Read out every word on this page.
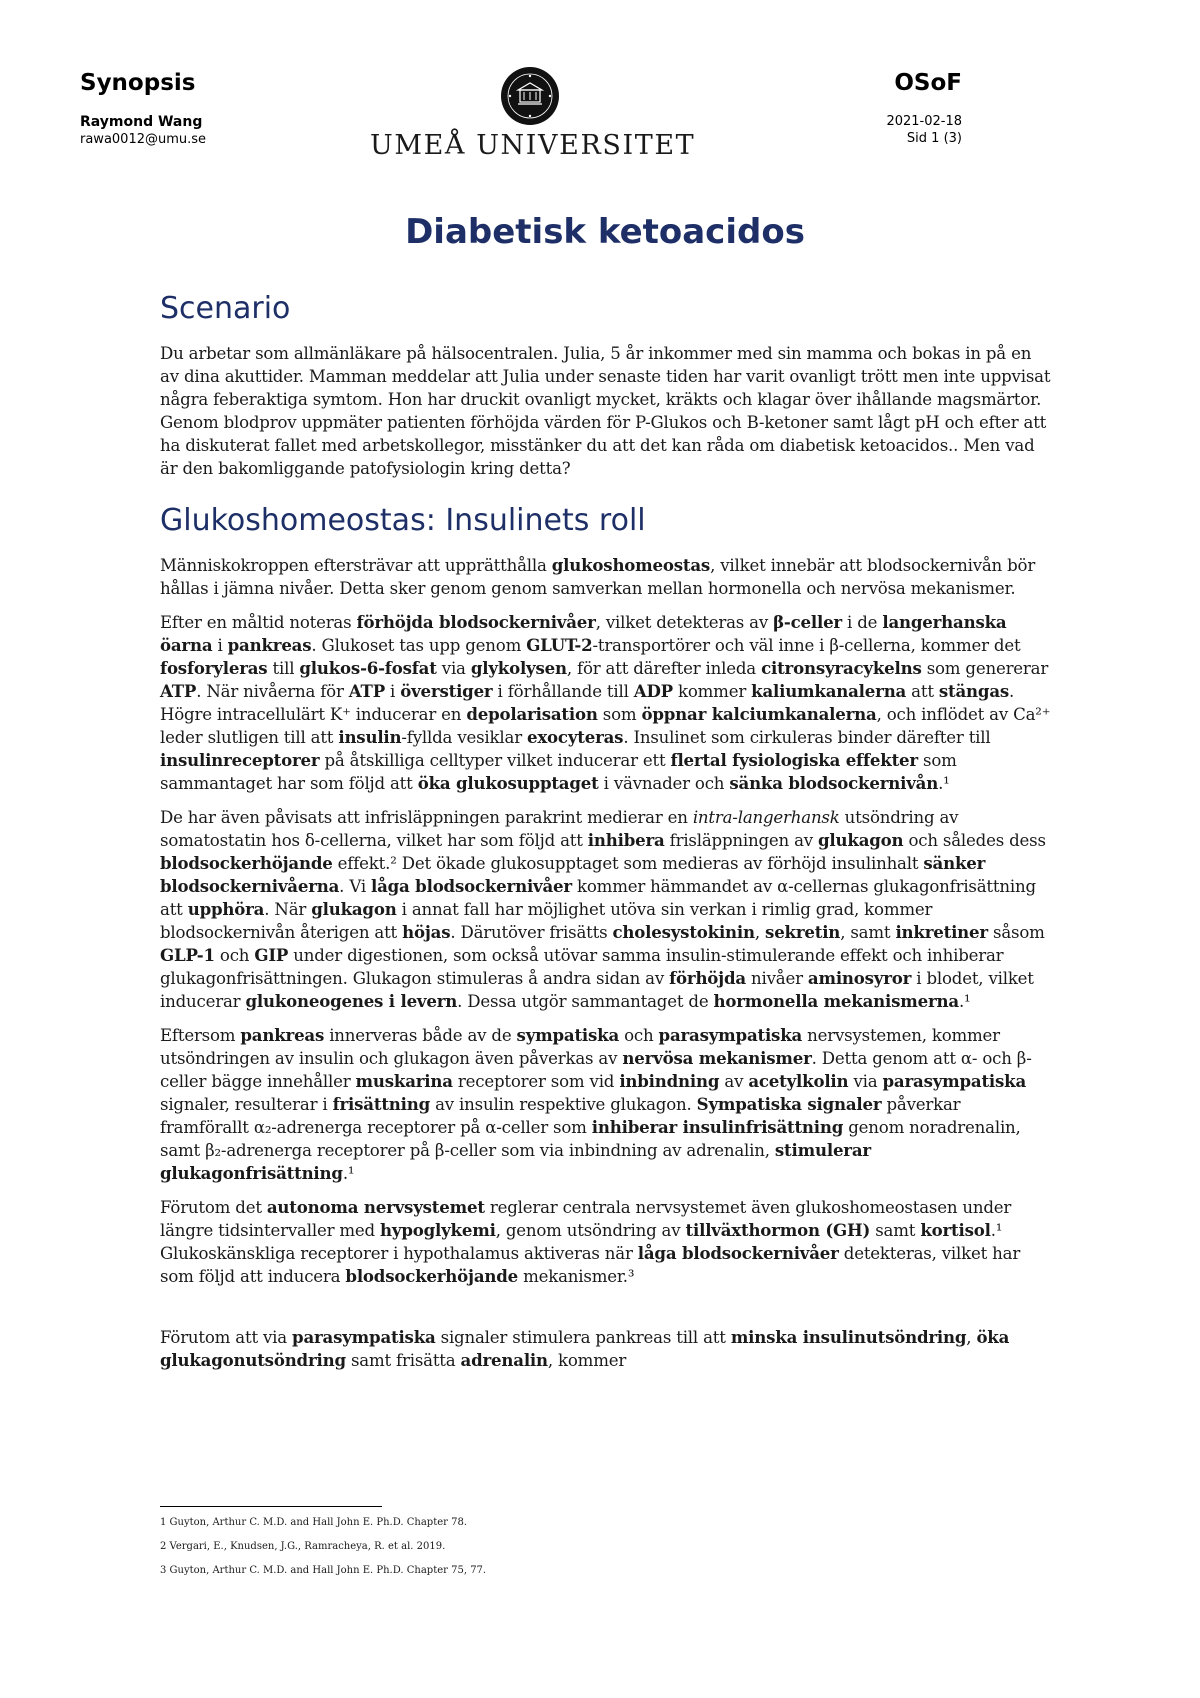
Synopsis
Raymond Wang
rawa0012@umu.se	UMEÅ UNIVERSITET
OSoF
2021-02-18
Sid 1 (3)
Diabetisk ketoacidos
Scenario

Du arbetar som allmänläkare på hälsocentralen. Julia, 5 år inkommer med sin mamma och bokas in på en av dina akuttider. Mamman meddelar att Julia under senaste tiden har varit ovanligt trött men inte uppvisat några feberaktiga symtom. Hon har druckit ovanligt mycket, kräkts och klagar över ihållande magsmärtor. Genom blodprov uppmäter patienten förhöjda värden för P-Glukos och B-ketoner samt lågt pH och efter att ha diskuterat fallet med arbetskollegor, misstänker du att det kan råda om diabetisk ketoacidos.. Men vad är den bakomliggande patofysiologin kring detta?

Glukoshomeostas: Insulinets roll

Människokroppen eftersträvar att upprätthålla glukoshomeostas, vilket innebär att blodsockernivån bör hållas i jämna nivåer. Detta sker genom genom samverkan mellan hormonella och nervösa mekanismer.

Efter en måltid noteras förhöjda blodsockernivåer, vilket detekteras av β-celler i de langerhanska öarna i pankreas. Glukoset tas upp genom GLUT-2-transportörer och väl inne i β-cellerna, kommer det fosforyleras till glukos-6-fosfat via glykolysen, för att därefter inleda citronsyracykelns som genererar ATP. När nivåerna för ATP i överstiger i förhållande till ADP kommer kaliumkanalerna att stängas. Högre intracellulärt K⁺ inducerar en depolarisation som öppnar kalciumkanalerna, och inflödet av Ca²⁺ leder slutligen till att insulin-fyllda vesiklar exocyteras. Insulinet som cirkuleras binder därefter till insulinreceptorer på åtskilliga celltyper vilket inducerar ett flertal fysiologiska effekter som sammantaget har som följd att öka glukosupptaget i vävnader och sänka blodsockernivån.¹

De har även påvisats att infrisläppningen parakrint medierar en intra-langerhansk utsöndring av somatostatin hos δ-cellerna, vilket har som följd att inhibera frisläppningen av glukagon och således dess blodsockerhöjande effekt.² Det ökade glukosupptaget som medieras av förhöjd insulinhalt sänker blodsockernivåerna. Vi låga blodsockernivåer kommer hämmandet av α-cellernas glukagonfrisättning att upphöra. När glukagon i annat fall har möjlighet utöva sin verkan i rimlig grad, kommer blodsockernivån återigen att höjas. Därutöver frisätts cholesystokinin, sekretin, samt inkretiner såsom GLP-1 och GIP under digestionen, som också utövar samma insulin-stimulerande effekt och inhiberar glukagonfrisättningen. Glukagon stimuleras å andra sidan av förhöjda nivåer aminosyror i blodet, vilket inducerar glukoneogenes i levern. Dessa utgör sammantaget de hormonella mekanismerna.¹

Eftersom pankreas innerveras både av de sympatiska och parasympatiska nervsystemen, kommer utsöndringen av insulin och glukagon även påverkas av nervösa mekanismer. Detta genom att α- och β-celler bägge innehåller muskarina receptorer som vid inbindning av acetylkolin via parasympatiska signaler, resulterar i frisättning av insulin respektive glukagon. Sympatiska signaler påverkar framförallt α₂-adrenerga receptorer på α-celler som inhiberar insulinfrisättning genom noradrenalin, samt β₂-adrenerga receptorer på β-celler som via inbindning av adrenalin, stimulerar glukagonfrisättning.¹

Förutom det autonoma nervsystemet reglerar centrala nervsystemet även glukoshomeostasen under längre tidsintervaller med hypoglykemi, genom utsöndring av tillväxthormon (GH) samt kortisol.¹ Glukoskänskliga receptorer i hypothalamus aktiveras när låga blodsockernivåer detekteras, vilket har som följd att inducera blodsockerhöjande mekanismer.³

Förutom att via parasympatiska signaler stimulera pankreas till att minska insulinutsöndring, öka glukagonutsöndring samt frisätta adrenalin, kommer

1 Guyton, Arthur C. M.D. and Hall John E. Ph.D. Chapter 78.
2 Vergari, E., Knudsen, J.G., Ramracheya, R. et al. 2019.
3 Guyton, Arthur C. M.D. and Hall John E. Ph.D. Chapter 75, 77.
